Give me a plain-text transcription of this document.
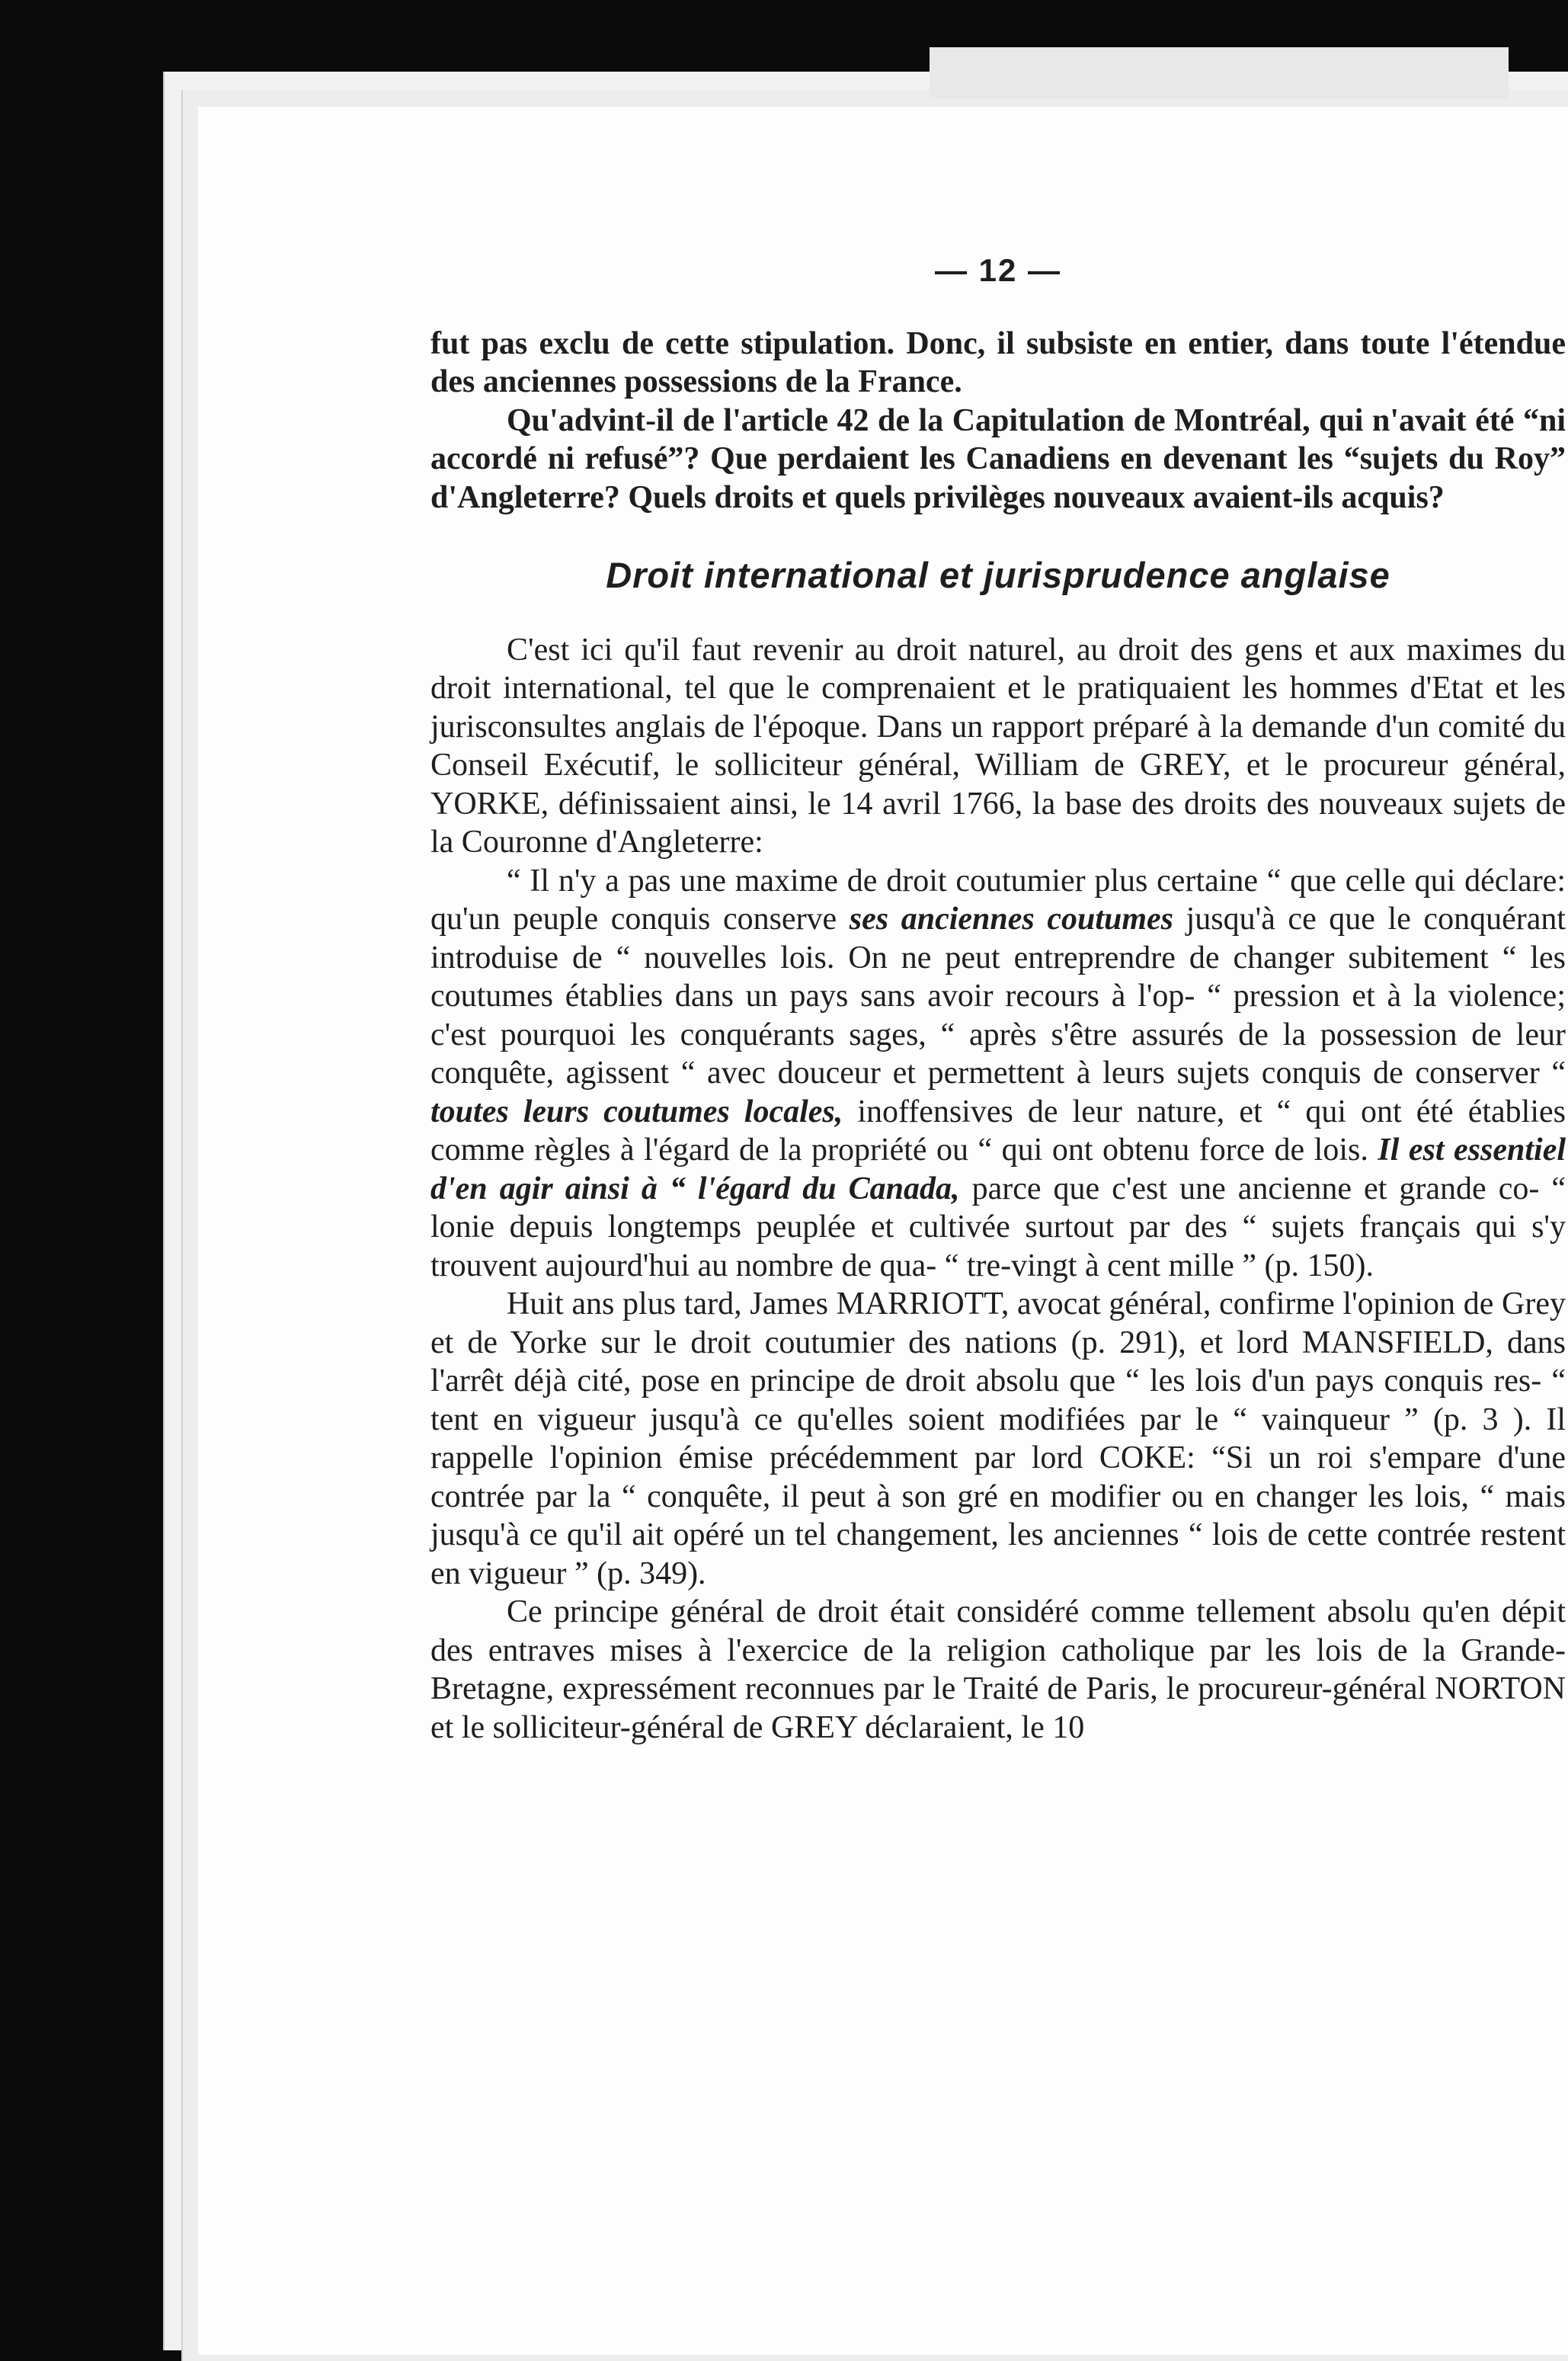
— 12 —

fut pas exclu de cette stipulation. Donc, il subsiste en entier, dans toute l'étendue des anciennes possessions de la France.

Qu'advint-il de l'article 42 de la Capitulation de Montréal, qui n'avait été “ni accordé ni refusé”? Que perdaient les Canadiens en devenant les “sujets du Roy” d'Angleterre? Quels droits et quels privilèges nouveaux avaient-ils acquis?

Droit international et jurisprudence anglaise

C'est ici qu'il faut revenir au droit naturel, au droit des gens et aux maximes du droit international, tel que le comprenaient et le pratiquaient les hommes d'Etat et les jurisconsultes anglais de l'époque. Dans un rapport préparé à la demande d'un comité du Conseil Exécutif, le solliciteur général, William de GREY, et le procureur général, YORKE, définissaient ainsi, le 14 avril 1766, la base des droits des nouveaux sujets de la Couronne d'Angleterre:

“ Il n'y a pas une maxime de droit coutumier plus certaine “ que celle qui déclare: qu'un peuple conquis conserve ses anciennes coutumes jusqu'à ce que le conquérant introduise de “ nouvelles lois. On ne peut entreprendre de changer subitement “ les coutumes établies dans un pays sans avoir recours à l'op- “ pression et à la violence; c'est pourquoi les conquérants sages, “ après s'être assurés de la possession de leur conquête, agissent “ avec douceur et permettent à leurs sujets conquis de conserver “ toutes leurs coutumes locales, inoffensives de leur nature, et “ qui ont été établies comme règles à l'égard de la propriété ou “ qui ont obtenu force de lois. Il est essentiel d'en agir ainsi à “ l'égard du Canada, parce que c'est une ancienne et grande co- “ lonie depuis longtemps peuplée et cultivée surtout par des “ sujets français qui s'y trouvent aujourd'hui au nombre de qua- “ tre-vingt à cent mille ” (p. 150).

Huit ans plus tard, James MARRIOTT, avocat général, confirme l'opinion de Grey et de Yorke sur le droit coutumier des nations (p. 291), et lord MANSFIELD, dans l'arrêt déjà cité, pose en principe de droit absolu que “ les lois d'un pays conquis res- “ tent en vigueur jusqu'à ce qu'elles soient modifiées par le “ vainqueur ” (p. 3 ). Il rappelle l'opinion émise précédemment par lord COKE: “Si un roi s'empare d'une contrée par la “ conquête, il peut à son gré en modifier ou en changer les lois, “ mais jusqu'à ce qu'il ait opéré un tel changement, les anciennes “ lois de cette contrée restent en vigueur ” (p. 349).

Ce principe général de droit était considéré comme tellement absolu qu'en dépit des entraves mises à l'exercice de la religion catholique par les lois de la Grande-Bretagne, expressément reconnues par le Traité de Paris, le procureur-général NORTON et le solliciteur-général de GREY déclaraient, le 10
